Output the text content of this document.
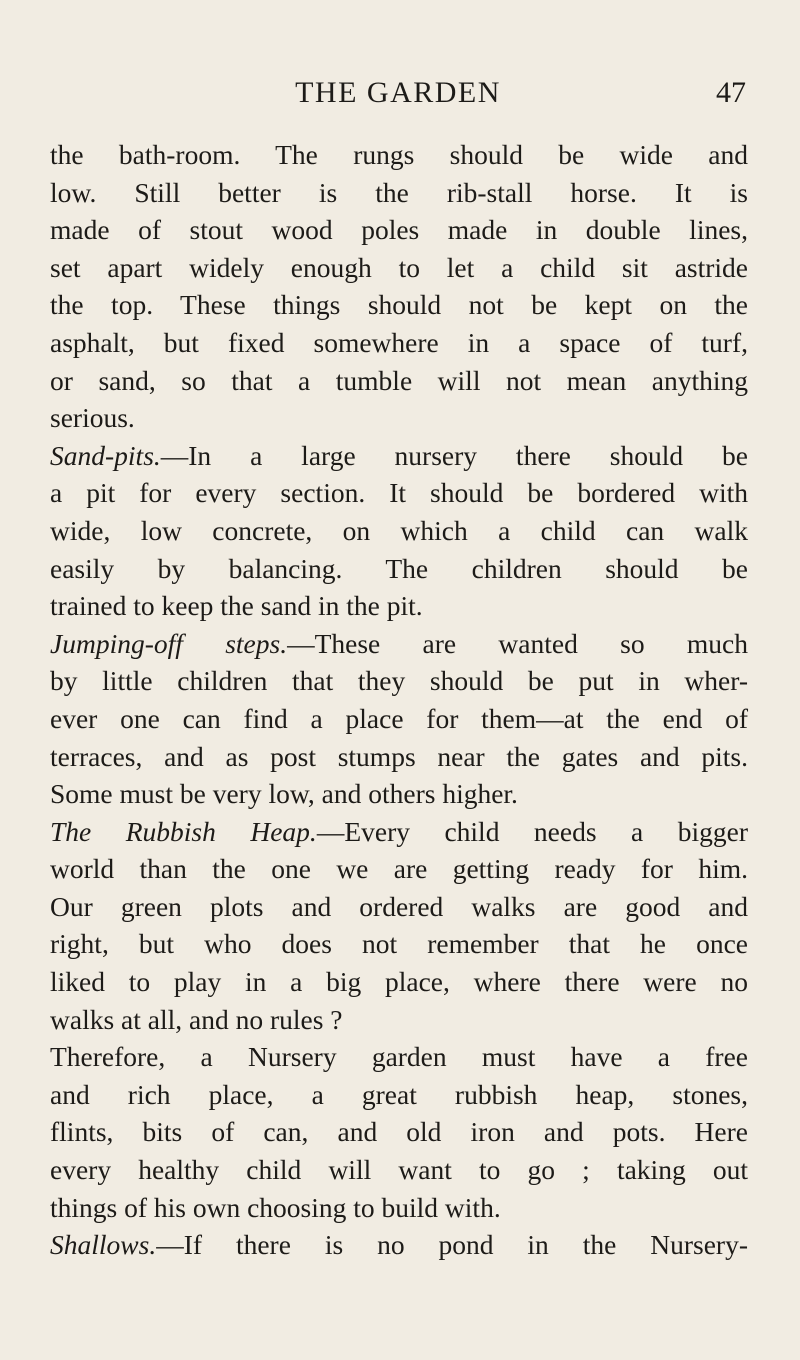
THE GARDEN	47
the bath-room. The rungs should be wide and
low. Still better is the rib-stall horse. It is
made of stout wood poles made in double lines,
set apart widely enough to let a child sit astride
the top. These things should not be kept on the
asphalt, but fixed somewhere in a space of turf,
or sand, so that a tumble will not mean anything
serious.
Sand-pits.—In a large nursery there should be
a pit for every section. It should be bordered with
wide, low concrete, on which a child can walk
easily by balancing. The children should be
trained to keep the sand in the pit.
Jumping-off steps.—These are wanted so much
by little children that they should be put in wher-
ever one can find a place for them—at the end of
terraces, and as post stumps near the gates and pits.
Some must be very low, and others higher.
The Rubbish Heap.—Every child needs a bigger
world than the one we are getting ready for him.
Our green plots and ordered walks are good and
right, but who does not remember that he once
liked to play in a big place, where there were no
walks at all, and no rules ?
Therefore, a Nursery garden must have a free
and rich place, a great rubbish heap, stones,
flints, bits of can, and old iron and pots. Here
every healthy child will want to go ; taking out
things of his own choosing to build with.
Shallows.—If there is no pond in the Nursery-
